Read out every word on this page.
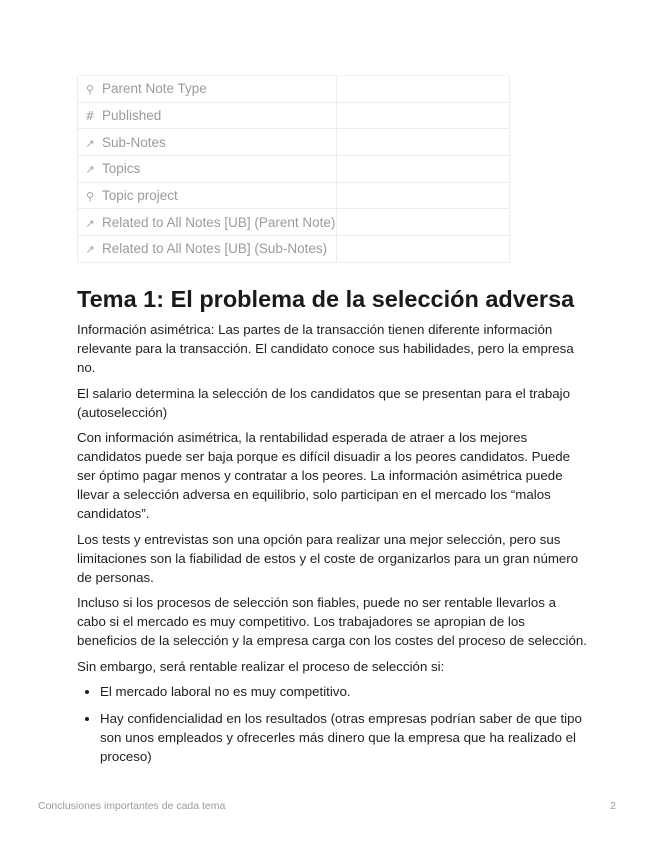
⚲ Parent Note Type	
# Published	
↗ Sub-Notes	
↗ Topics	
⚲ Topic project	
↗ Related to All Notes [UB] (Parent Note)	
↗ Related to All Notes [UB] (Sub-Notes)	
Tema 1: El problema de la selección adversa

Información asimétrica: Las partes de la transacción tienen diferente información relevante para la transacción. El candidato conoce sus habilidades, pero la empresa no.

El salario determina la selección de los candidatos que se presentan para el trabajo (autoselección)

Con información asimétrica, la rentabilidad esperada de atraer a los mejores candidatos puede ser baja porque es difícil disuadir a los peores candidatos. Puede ser óptimo pagar menos y contratar a los peores. La información asimétrica puede llevar a selección adversa en equilibrio, solo participan en el mercado los “malos candidatos”.

Los tests y entrevistas son una opción para realizar una mejor selección, pero sus limitaciones son la fiabilidad de estos y el coste de organizarlos para un gran número de personas.

Incluso si los procesos de selección son fiables, puede no ser rentable llevarlos a cabo si el mercado es muy competitivo. Los trabajadores se apropian de los beneficios de la selección y la empresa carga con los costes del proceso de selección.

Sin embargo, será rentable realizar el proceso de selección si:

• El mercado laboral no es muy competitivo.
• Hay confidencialidad en los resultados (otras empresas podrían saber de que tipo son unos empleados y ofrecerles más dinero que la empresa que ha realizado el proceso)
Conclusiones importantes de cada tema	2
